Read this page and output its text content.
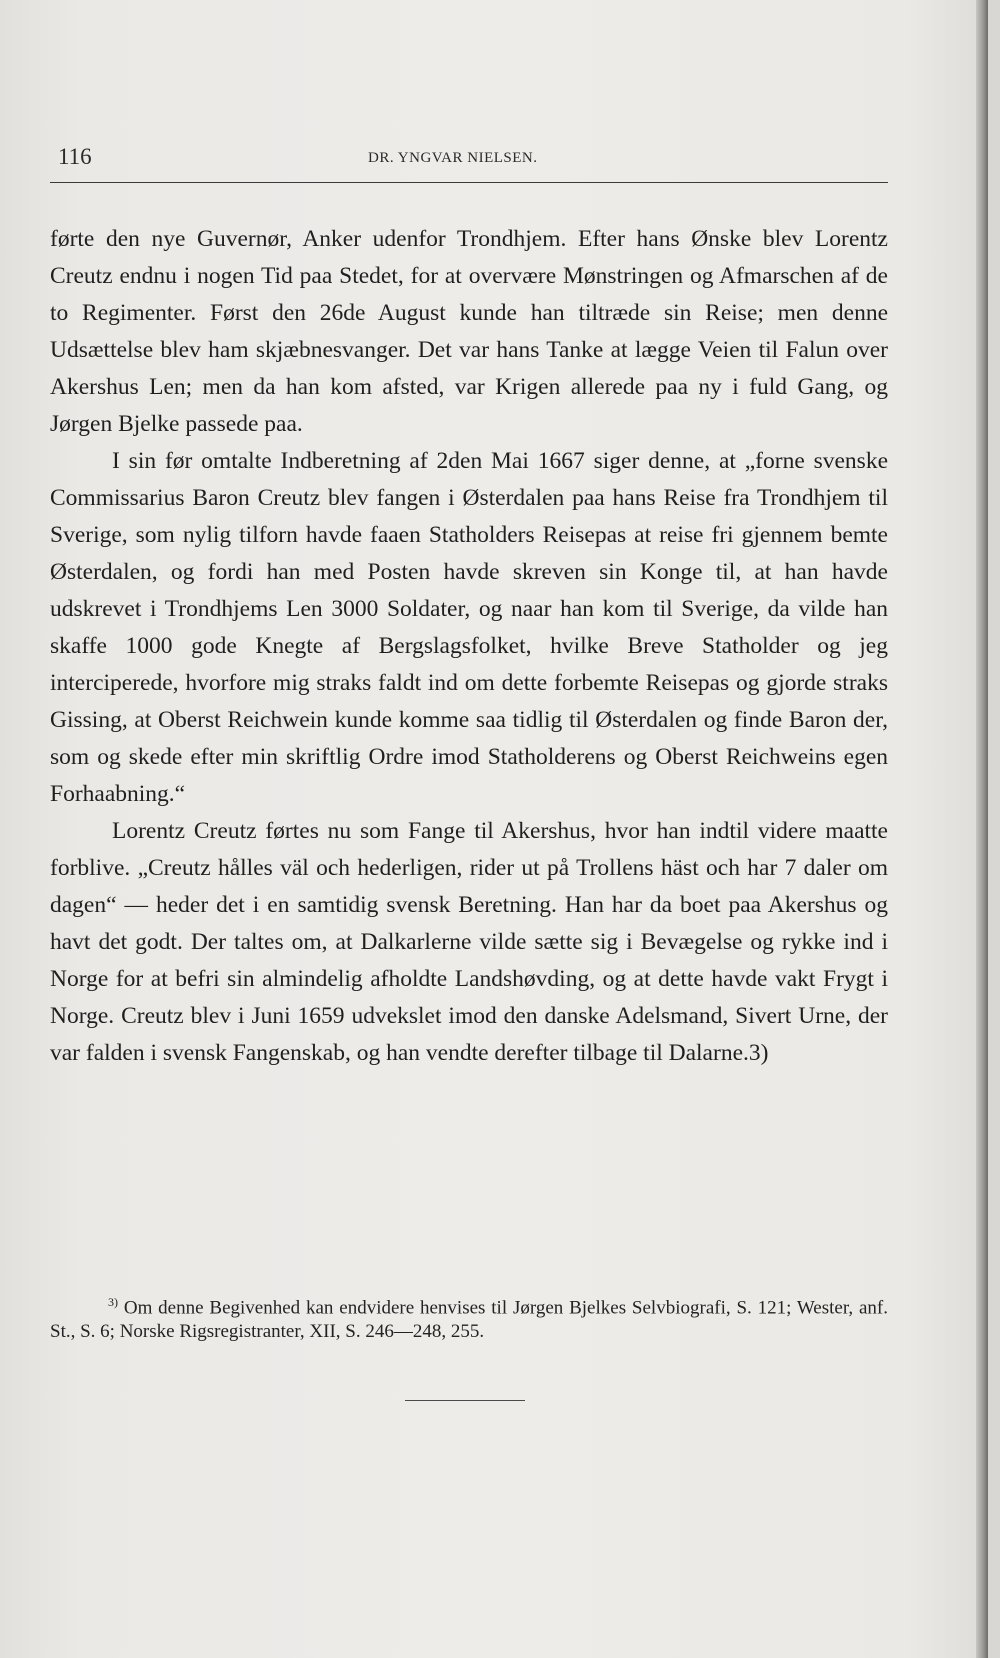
116	DR. YNGVAR NIELSEN.

førte den nye Guvernør, Anker udenfor Trondhjem. Efter hans Ønske blev Lorentz Creutz endnu i nogen Tid paa Stedet, for at overvære Mønstringen og Afmarschen af de to Regimenter. Først den 26de August kunde han tiltræde sin Reise; men denne Udsættelse blev ham skjæbnesvanger. Det var hans Tanke at lægge Veien til Falun over Akershus Len; men da han kom afsted, var Krigen allerede paa ny i fuld Gang, og Jørgen Bjelke passede paa.

I sin før omtalte Indberetning af 2den Mai 1667 siger denne, at „forne svenske Commissarius Baron Creutz blev fangen i Østerdalen paa hans Reise fra Trondhjem til Sverige, som nylig tilforn havde faaen Statholders Reisepas at reise fri gjennem bemte Østerdalen, og fordi han med Posten havde skreven sin Konge til, at han havde udskrevet i Trondhjems Len 3000 Soldater, og naar han kom til Sverige, da vilde han skaffe 1000 gode Knegte af Bergslagsfolket, hvilke Breve Statholder og jeg interciperede, hvorfore mig straks faldt ind om dette forbemte Reisepas og gjorde straks Gissing, at Oberst Reichwein kunde komme saa tidlig til Østerdalen og finde Baron der, som og skede efter min skriftlig Ordre imod Statholderens og Oberst Reichweins egen Forhaabning.“

Lorentz Creutz førtes nu som Fange til Akershus, hvor han indtil videre maatte forblive. „Creutz hålles väl och hederligen, rider ut på Trollens häst och har 7 daler om dagen“ — heder det i en samtidig svensk Beretning. Han har da boet paa Akershus og havt det godt. Der taltes om, at Dalkarlerne vilde sætte sig i Bevægelse og rykke ind i Norge for at befri sin almindelig afholdte Landshøvding, og at dette havde vakt Frygt i Norge. Creutz blev i Juni 1659 udvekslet imod den danske Adelsmand, Sivert Urne, der var falden i svensk Fangenskab, og han vendte derefter tilbage til Dalarne.3)

$^{3)}$ Om denne Begivenhed kan endvidere henvises til Jørgen Bjelkes Selvbiografi, S. 121; Wester, anf. St., S. 6; Norske Rigsregistranter, XII, S. 246—248, 255.
